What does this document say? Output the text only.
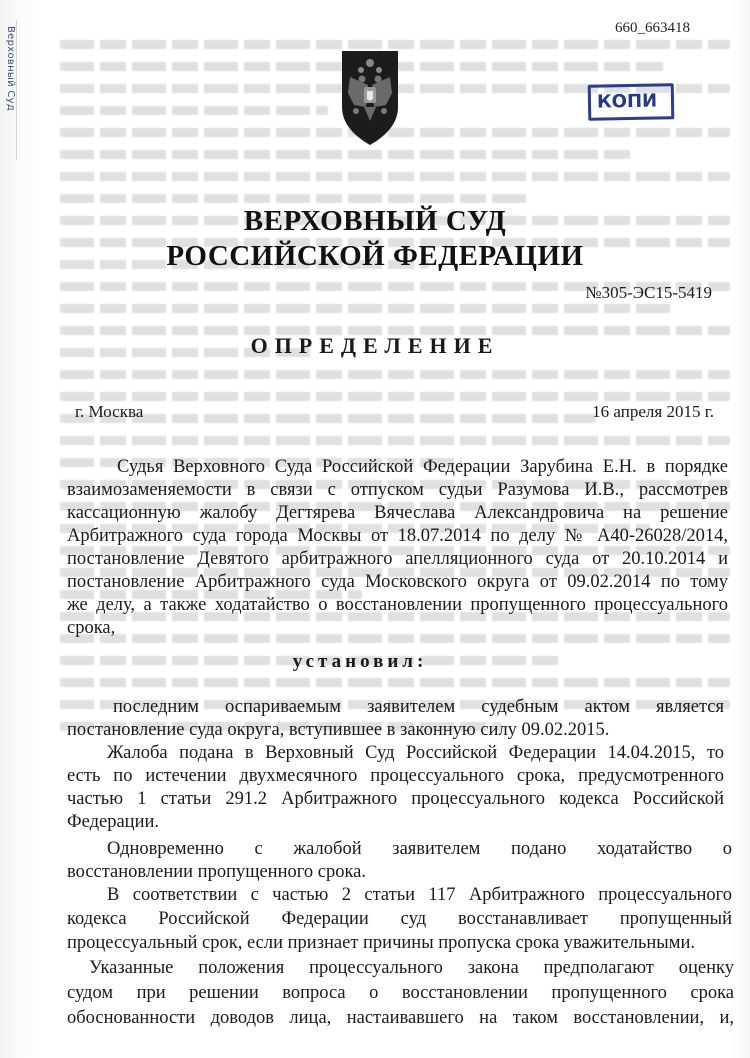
Верховный Суд	660_663418
КОПИ
ВЕРХОВНЫЙ СУД
РОССИЙСКОЙ ФЕДЕРАЦИИ
№305-ЭС15-5419
ОПРЕДЕЛЕНИЕ
г. Москва	16 апреля 2015 г.
Судья Верховного Суда Российской Федерации Зарубина Е.Н. в порядке
взаимозаменяемости в связи с отпуском судьи Разумова И.В., рассмотрев
кассационную жалобу Дегтярева Вячеслава Александровича на решение
Арбитражного суда города Москвы от 18.07.2014 по делу № А40-26028/2014,
постановление Девятого арбитражного апелляционного суда от 20.10.2014 и
постановление Арбитражного суда Московского округа от 09.02.2014 по тому
же делу, а также ходатайство о восстановлении пропущенного процессуального
срока,
установил:
последним оспариваемым заявителем судебным актом является
постановление суда округа, вступившее в законную силу 09.02.2015.
Жалоба подана в Верховный Суд Российской Федерации 14.04.2015, то
есть по истечении двухмесячного процессуального срока, предусмотренного
частью 1 статьи 291.2 Арбитражного процессуального кодекса Российской
Федерации.
Одновременно с жалобой заявителем подано ходатайство о
восстановлении пропущенного срока.
В соответствии с частью 2 статьи 117 Арбитражного процессуального
кодекса Российской Федерации суд восстанавливает пропущенный
процессуальный срок, если признает причины пропуска срока уважительными.
Указанные положения процессуального закона предполагают оценку
судом при решении вопроса о восстановлении пропущенного срока
обоснованности доводов лица, настаивавшего на таком восстановлении, и,
